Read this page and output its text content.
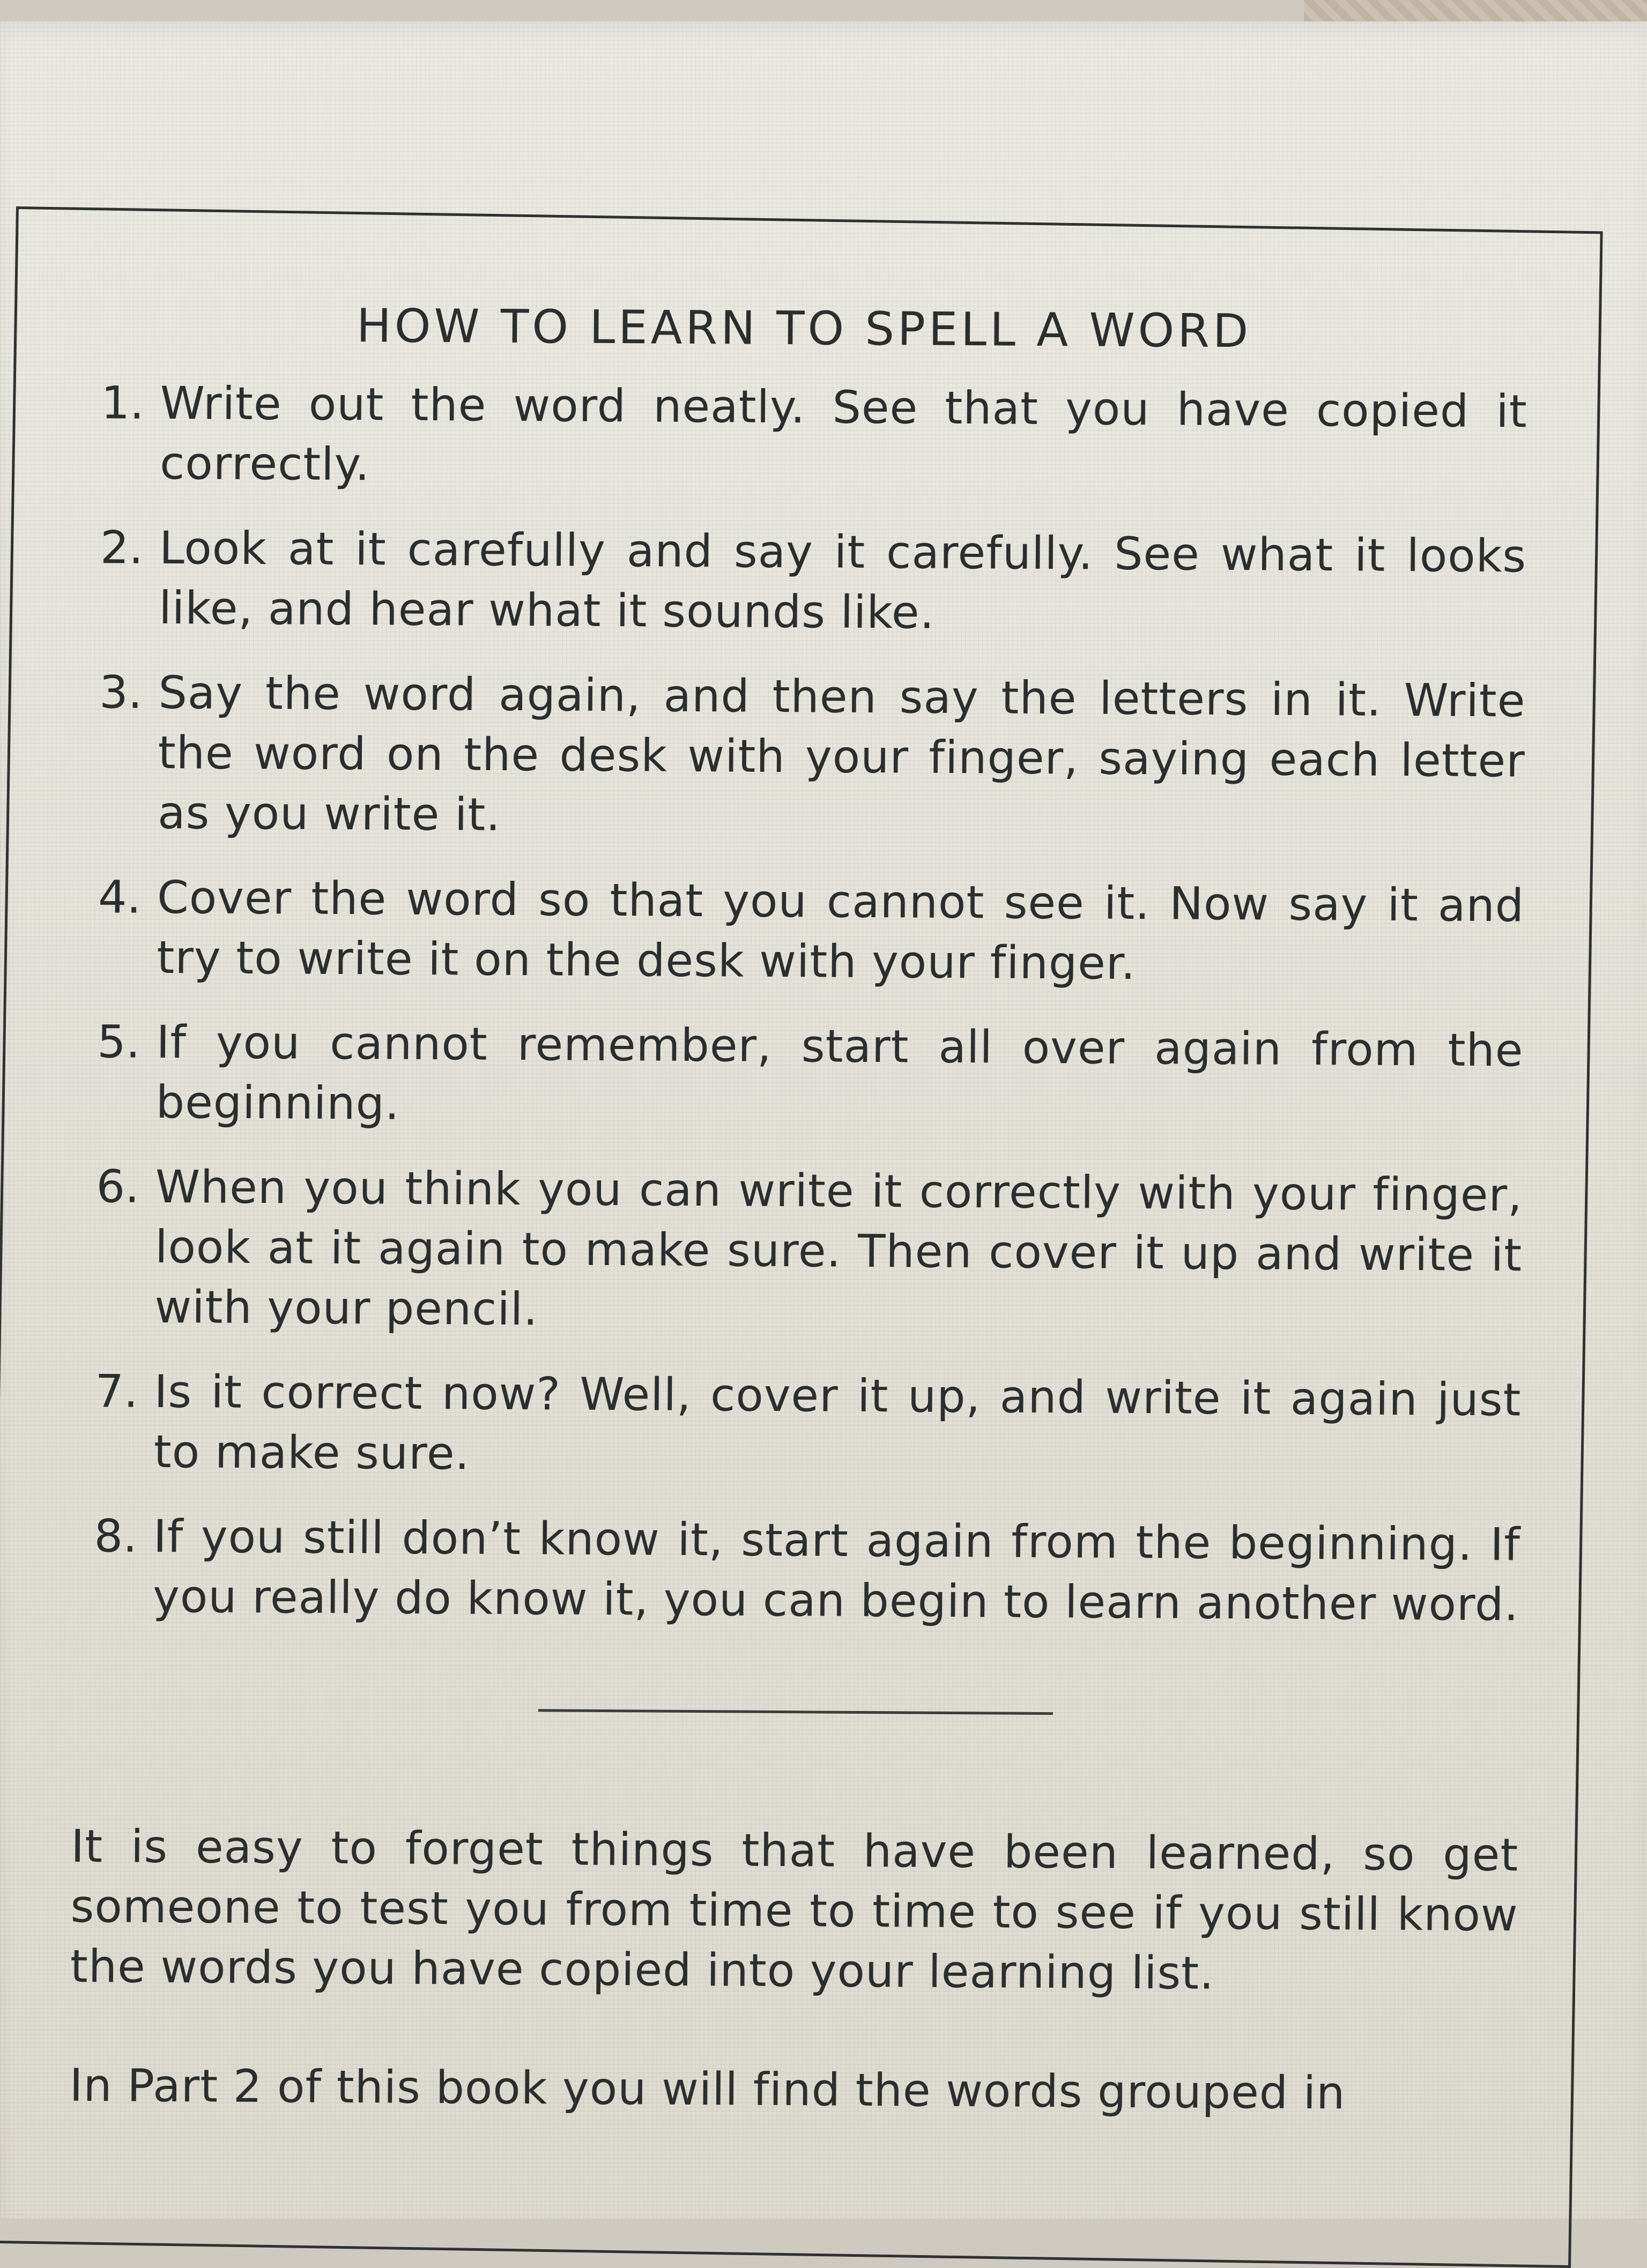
HOW TO LEARN TO SPELL A WORD
1. Write out the word neatly. See that you have copied it correctly.
2. Look at it carefully and say it carefully. See what it looks like, and hear what it sounds like.
3. Say the word again, and then say the letters in it. Write the word on the desk with your finger, saying each letter as you write it.
4. Cover the word so that you cannot see it. Now say it and try to write it on the desk with your finger.
5. If you cannot remember, start all over again from the beginning.
6. When you think you can write it correctly with your finger, look at it again to make sure. Then cover it up and write it with your pencil.
7. Is it correct now? Well, cover it up, and write it again just to make sure.
8. If you still don’t know it, start again from the beginning. If you really do know it, you can begin to learn another word.

It is easy to forget things that have been learned, so get someone to test you from time to time to see if you still know the words you have copied into your learning list.

In Part 2 of this book you will find the words grouped in
